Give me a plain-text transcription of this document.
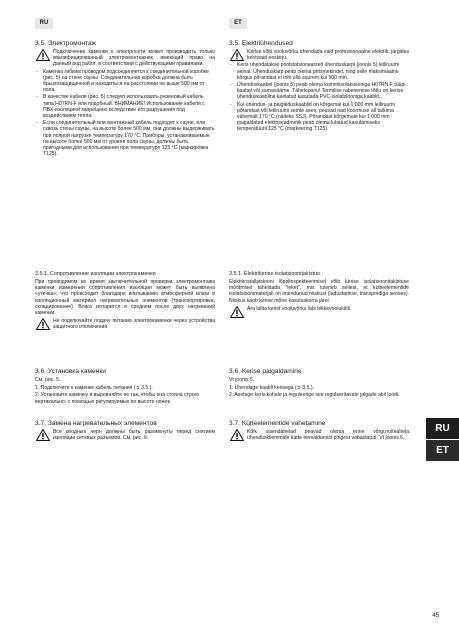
RU	ET
3.5. Электромонтаж
Подключение каменки к электросети может производить только квалифицированный электромонтажник, имеющий право на данный род работ, в соответствии с действующими правилами.
- Каменка гибким проводом подсоединяется к соединительной коробке (рис. 5) на стене сауны. Соединительная коробка должна быть брызгозащищенной и находиться на расстоянии не выше 500 мм от пола.
- В качестве кабеля (рис. 5) следует использовать резиновый кабель типа H07RN-F или подобный. ВНИМАНИЕ! Использование кабеля с ПВХ-изоляцией запрещено вследствие его разрушения под воздействием тепла.
- Если соединительный или монтажный кабель подходят к сауне, или сквозь стены сауны, на высоте более 500 мм, они должны выдерживать при полной нагрузке температуру 170 °C. Приборы, устанавливаемые на высоте более 500 мм от уровня пола сауны, должны быть пригодными для использования при температуре 125 °C (маркировка T125).
3.5.1. Сопротивление изоляции электрокаменки
При проводимом во время заключительной проверки электромонтажа каменки измерении сопротивления изоляции может быть выявлена «утечка», что происходит благодаря впитыванию атмосферной влаги в изоляционный материал нагревательных элементов (транспортировка, складирование). Влага испарится в среднем после двух нагреваний каменки.
Не подключайте подачу питания электрокаменки через устройства защитного отключения.
3.6. Установка каменки
См. рис. 5.
1. Подключите к каменке кабель питания (➲ 3.5.).
2. Установите каменку и выровняйте ее так, чтобы она стояла строго вертикально, с помощью регулируемых по высоте ножек.
3.7. Замена нагревательных элементов
Все входные черн должны быть разомкнуты перед снятием изоляции сетевых разъемов. См. рис. 6.
3.5. Elektriühendused
Kerise võib vooluvõrku ühendada vaid professionaalne elektrik, järgides kehtivaid eeskirju.
- Keris ühendatakse poolstatsionaarselt ühenduskarpi (joonis 5) leiliruumi seinal. Ühenduskarp peab olema pritsmekindel, ning selle maksimaalne kõrgus põrandast ei tohi olla suurem kui 500 mm.
- Ühenduskaabel (joonis 5) peab olema kummiisolatsiooniga H07RN-F tüüpi kaabel või samaväärne. Tähelepanu! Termilise rabenemise tõttu on kerise ühenduskaablina keelatud kasutada PVC-isolatsiooniga kaablit.
- Kui ühendus- ja paigalduskaablid on kõrgemal kui 1 000 mm leiliruumi põrandast või leiliruumi seinte sees, peavad nad koormuse all talluma vähemalt 170 °C (näiteks SSJ). Põrandast kõrgemale kui 1 000 mm paigaldatud elektriseadmetik peab olema lubatud kasutamiseks temperatuuril 125 °C (markeering T125).
3.5.1. Elektrikerise isolatsioonitakistus
Elektriinstallatsiooni lõpplinspekteerimisel võib kerise isolatsioonitakistuse mõõtmisel täheldada "leket", mis tuleneb sellest, et kütteelementide isolatsioonimaterjali on imendunud niiskust (ladustamise, transpordiga seoses). Niiskus kaob kerise mõne kasutuskorra järel.
Ära lülita kerist vooluvõrku läbi lekkevoolulüliti.
3.6. Kerise paigaldamine
Vt joonis 5.
1. Ühendage kaabli kerisega (➲ 3.5.).
2. Asetage keris kohale ja reguleerige see reguleeritavate jalgade abil loodi.
3.7. Kütteelementide vahetamine
Kõik sisendahelad peavad olema enne võrguтoiteahela ühenduskllemmide katte eemaldamist pingest vabastatud. Vt joonis 6.
RU
ET
45
